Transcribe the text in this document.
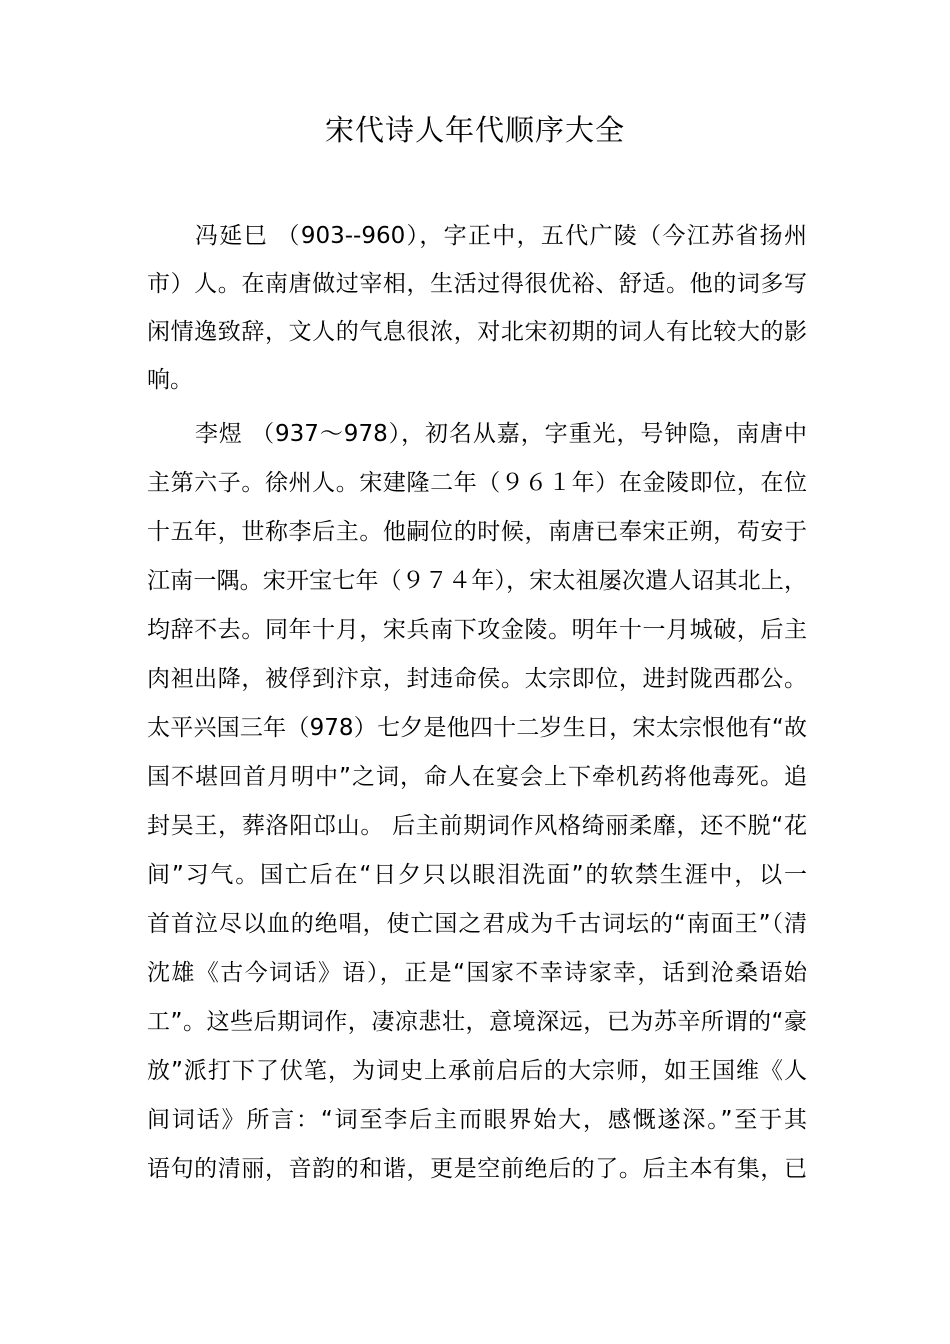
宋代诗人年代顺序大全
冯延巳 （903--960），字正中，五代广陵（今江苏省扬州
市）人。在南唐做过宰相，生活过得很优裕、舒适。他的词多写
闲情逸致辞，文人的气息很浓，对北宋初期的词人有比较大的影
响。
李煜 （937～978），初名从嘉，字重光，号钟隐，南唐中
主第六子。徐州人。宋建隆二年（９６１年）在金陵即位，在位
十五年，世称李后主。他嗣位的时候，南唐已奉宋正朔，苟安于
江南一隅。宋开宝七年（９７４年），宋太祖屡次遣人诏其北上，
均辞不去。同年十月，宋兵南下攻金陵。明年十一月城破，后主
肉袒出降，被俘到汴京，封违命侯。太宗即位，进封陇西郡公。
太平兴国三年（978）七夕是他四十二岁生日，宋太宗恨他有“故
国不堪回首月明中”之词，命人在宴会上下牵机药将他毒死。追
封吴王，葬洛阳邙山。 后主前期词作风格绮丽柔靡，还不脱“花
间”习气。国亡后在“日夕只以眼泪洗面”的软禁生涯中，以一
首首泣尽以血的绝唱，使亡国之君成为千古词坛的“南面王”（清
沈雄《古今词话》语），正是“国家不幸诗家幸，话到沧桑语始
工”。这些后期词作，凄凉悲壮，意境深远，已为苏辛所谓的“豪
放”派打下了伏笔，为词史上承前启后的大宗师，如王国维《人
间词话》所言：“词至李后主而眼界始大，感慨遂深。”至于其
语句的清丽，音韵的和谐，更是空前绝后的了。后主本有集，已
